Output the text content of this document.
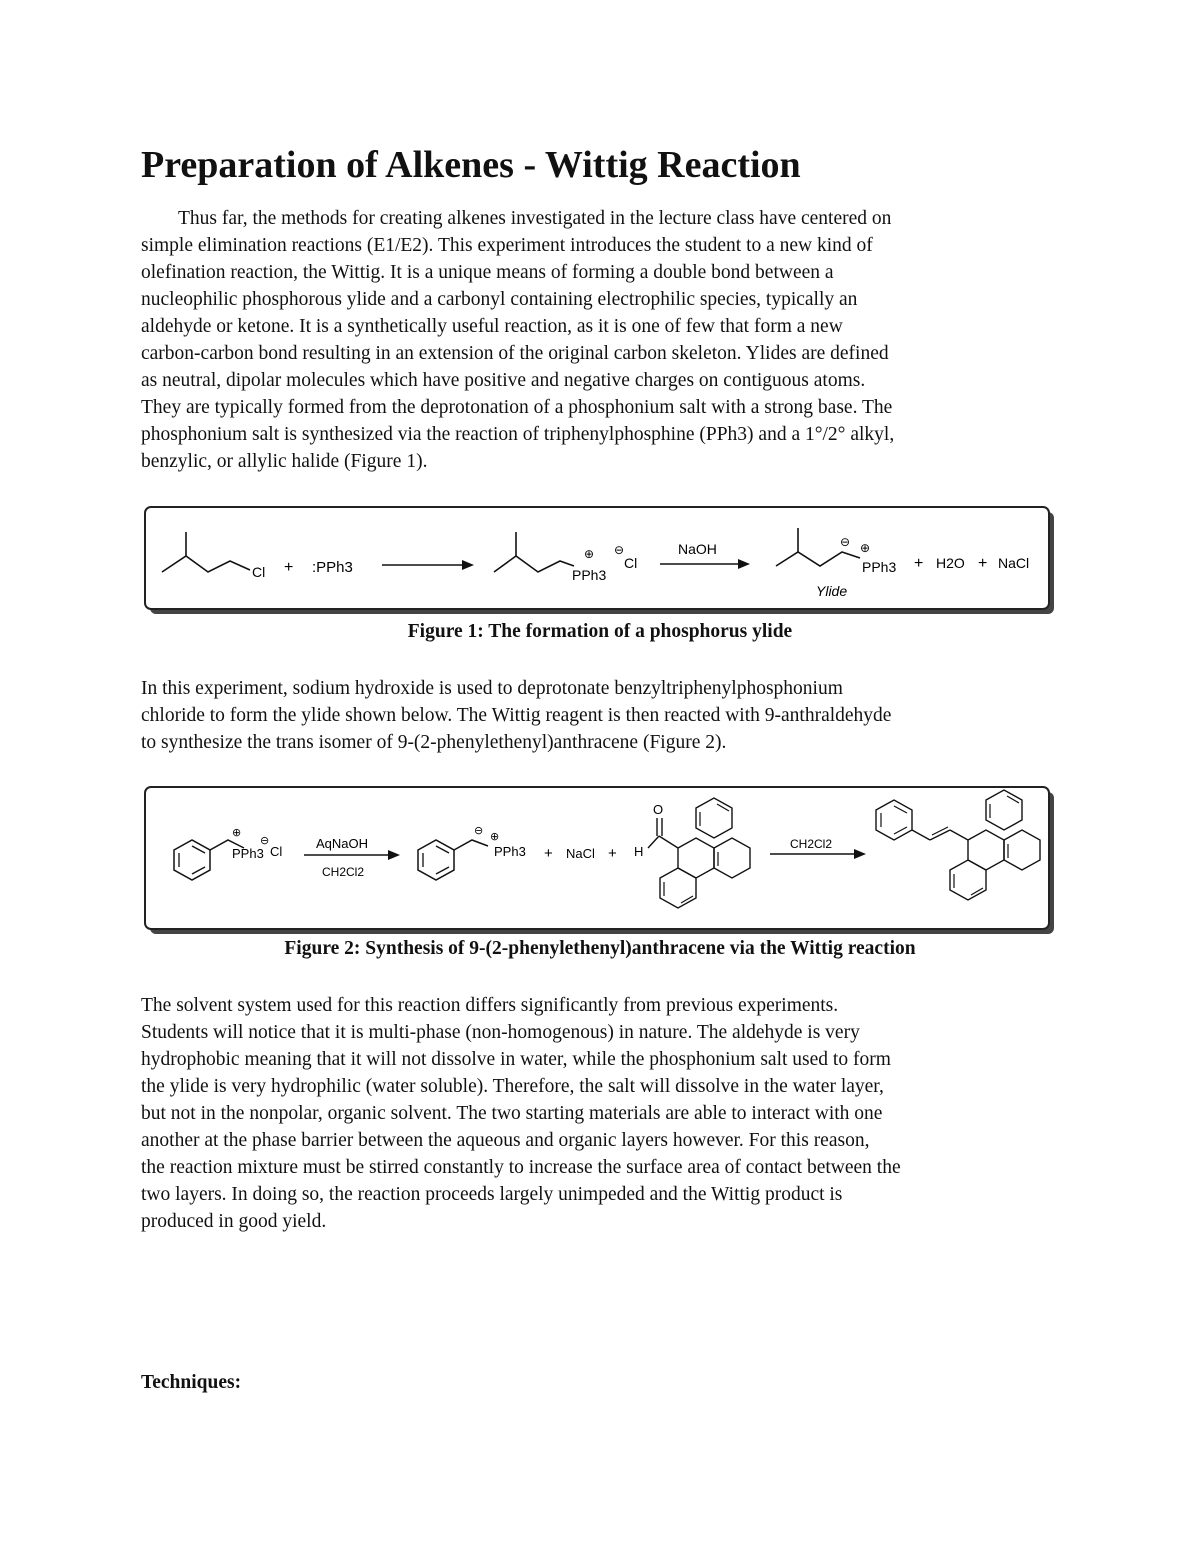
Preparation of Alkenes - Wittig Reaction
Thus far, the methods for creating alkenes investigated in the lecture class have centered on
simple elimination reactions (E1/E2). This experiment introduces the student to a new kind of
olefination reaction, the Wittig. It is a unique means of forming a double bond between a
nucleophilic phosphorous ylide and a carbonyl containing electrophilic species, typically an
aldehyde or ketone. It is a synthetically useful reaction, as it is one of few that form a new
carbon-carbon bond resulting in an extension of the original carbon skeleton. Ylides are defined
as neutral, dipolar molecules which have positive and negative charges on contiguous atoms.
They are typically formed from the deprotonation of a phosphonium salt with a strong base. The
phosphonium salt is synthesized via the reaction of triphenylphosphine (PPh3) and a 1°/2° alkyl,
benzylic, or allylic halide (Figure 1).
Cl + :PPh3
⊕
PPh3
⊖
Cl
NaOH	⊖ ⊕
PPh3
Ylide
+ H2O + NaCl

Figure 1: The formation of a phosphorus ylide

In this experiment, sodium hydroxide is used to deprotonate benzyltriphenylphosphonium
chloride to form the ylide shown below. The Wittig reagent is then reacted with 9-anthraldehyde
to synthesize the trans isomer of 9-(2-phenylethenyl)anthracene (Figure 2).
⊕
PPh3
⊖
Cl
AqNaOH
CH2Cl2
⊖ ⊕
PPh3 + NaCl +
O
H	CH2Cl2

Figure 2: Synthesis of 9-(2-phenylethenyl)anthracene via the Wittig reaction

The solvent system used for this reaction differs significantly from previous experiments.
Students will notice that it is multi-phase (non-homogenous) in nature. The aldehyde is very
hydrophobic meaning that it will not dissolve in water, while the phosphonium salt used to form
the ylide is very hydrophilic (water soluble). Therefore, the salt will dissolve in the water layer,
but not in the nonpolar, organic solvent. The two starting materials are able to interact with one
another at the phase barrier between the aqueous and organic layers however. For this reason,
the reaction mixture must be stirred constantly to increase the surface area of contact between the
two layers. In doing so, the reaction proceeds largely unimpeded and the Wittig product is
produced in good yield.

Techniques:
